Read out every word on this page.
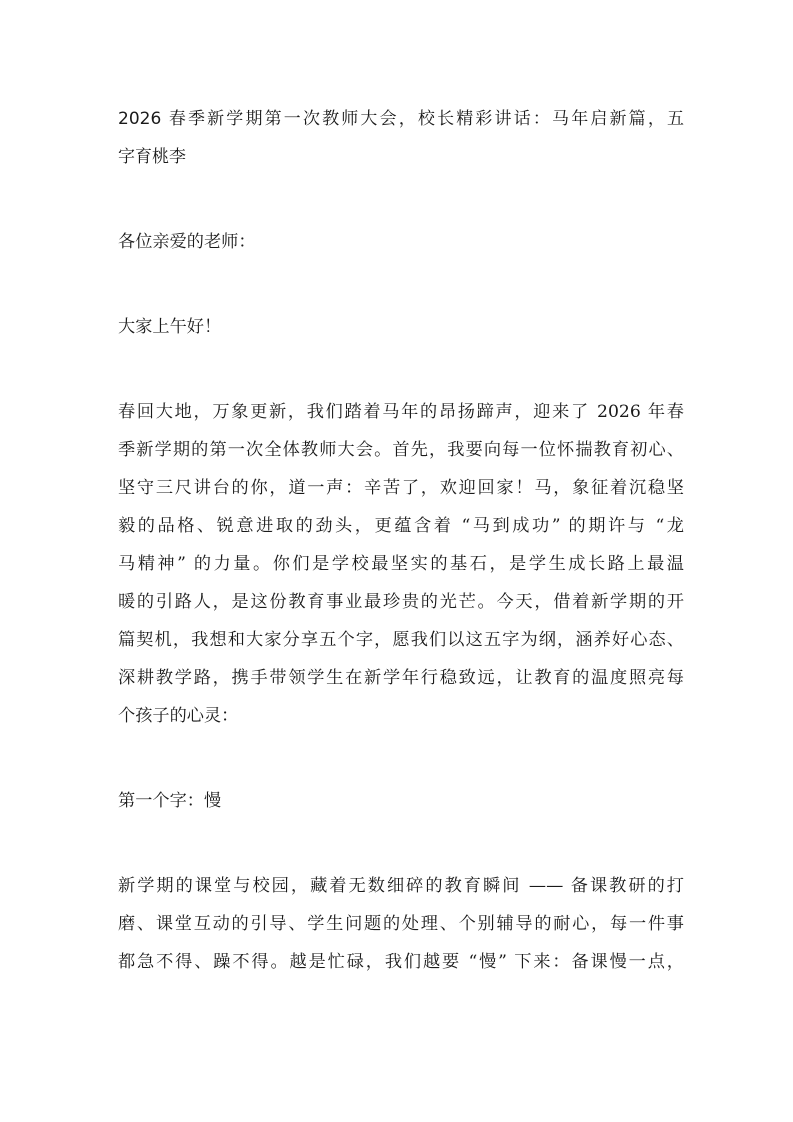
2026 春季新学期第一次教师大会，校长精彩讲话：马年启新篇，五
字育桃李
各位亲爱的老师：
大家上午好！
春回大地，万象更新，我们踏着马年的昂扬蹄声，迎来了 2026 年春
季新学期的第一次全体教师大会。首先，我要向每一位怀揣教育初心、
坚守三尺讲台的你，道一声：辛苦了，欢迎回家！马，象征着沉稳坚
毅的品格、锐意进取的劲头，更蕴含着 “马到成功” 的期许与 “龙
马精神” 的力量。你们是学校最坚实的基石，是学生成长路上最温
暖的引路人，是这份教育事业最珍贵的光芒。今天，借着新学期的开
篇契机，我想和大家分享五个字，愿我们以这五字为纲，涵养好心态、
深耕教学路，携手带领学生在新学年行稳致远，让教育的温度照亮每
个孩子的心灵：
第一个字：慢
新学期的课堂与校园，藏着无数细碎的教育瞬间 —— 备课教研的打
磨、课堂互动的引导、学生问题的处理、个别辅导的耐心，每一件事
都急不得、躁不得。越是忙碌，我们越要 “慢” 下来：备课慢一点，
